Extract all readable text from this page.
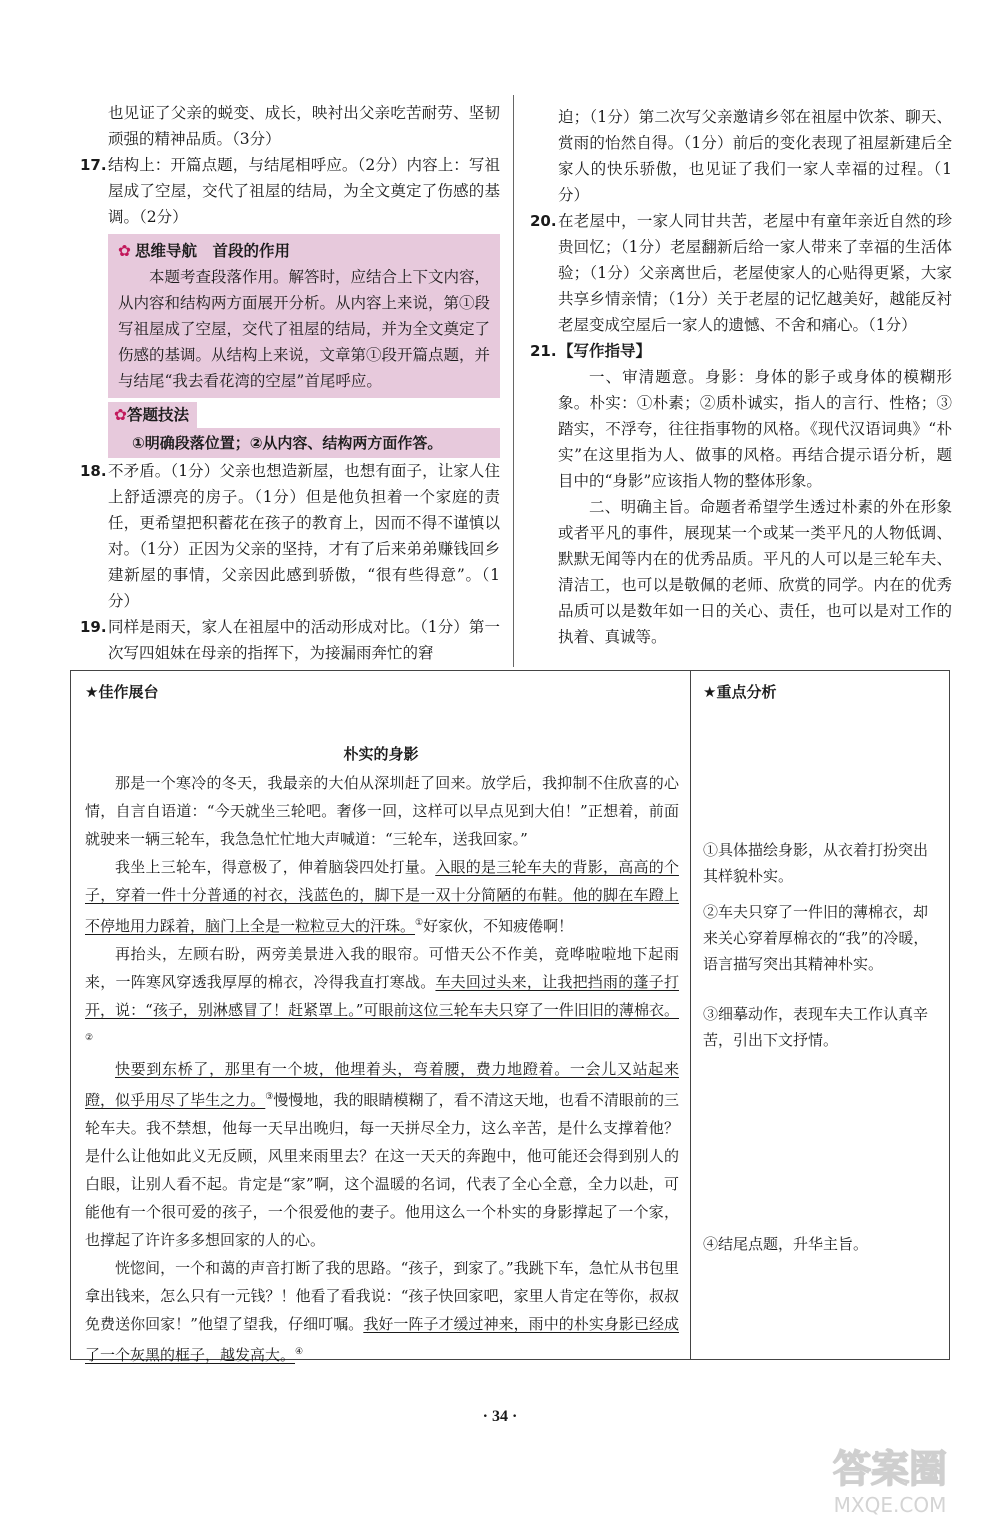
也见证了父亲的蜕变、成长，映衬出父亲吃苦耐劳、坚韧顽强的精神品质。（3分）

17. 结构上：开篇点题，与结尾相呼应。（2分）内容上：写祖屋成了空屋，交代了祖屋的结局，为全文奠定了伤感的基调。（2分）
✿ 思维导航　首段的作用

本题考查段落作用。解答时，应结合上下文内容，从内容和结构两方面展开分析。从内容上来说，第①段写祖屋成了空屋，交代了祖屋的结局，并为全文奠定了伤感的基调。从结构上来说，文章第①段开篇点题，并与结尾“我去看花湾的空屋”首尾呼应。

✿答题技法
①明确段落位置；②从内容、结构两方面作答。
18. 不矛盾。（1分）父亲也想造新屋，也想有面子，让家人住上舒适漂亮的房子。（1分）但是他负担着一个家庭的责任，更希望把积蓄花在孩子的教育上，因而不得不谨慎以对。（1分）正因为父亲的坚持，才有了后来弟弟赚钱回乡建新屋的事情，父亲因此感到骄傲，“很有些得意”。（1分）
19. 同样是雨天，家人在祖屋中的活动形成对比。（1分）第一次写四姐妹在母亲的指挥下，为接漏雨奔忙的窘

迫；（1分）第二次写父亲邀请乡邻在祖屋中饮茶、聊天、赏雨的怡然自得。（1分）前后的变化表现了祖屋新建后全家人的快乐骄傲，也见证了我们一家人幸福的过程。（1分）

20. 在老屋中，一家人同甘共苦，老屋中有童年亲近自然的珍贵回忆；（1分）老屋翻新后给一家人带来了幸福的生活体验；（1分）父亲离世后，老屋使家人的心贴得更紧，大家共享乡情亲情；（1分）关于老屋的记忆越美好，越能反衬老屋变成空屋后一家人的遗憾、不舍和痛心。（1分）
21. 【写作指导】

一、审清题意。身影：身体的影子或身体的模糊形象。朴实：①朴素；②质朴诚实，指人的言行、性格；③踏实，不浮夸，往往指事物的风格。《现代汉语词典》“朴实”在这里指为人、做事的风格。再结合提示语分析，题目中的“身影”应该指人物的整体形象。

二、明确主旨。命题者希望学生透过朴素的外在形象或者平凡的事件，展现某一个或某一类平凡的人物低调、默默无闻等内在的优秀品质。平凡的人可以是三轮车夫、清洁工，也可以是敬佩的老师、欣赏的同学。内在的优秀品质可以是数年如一日的关心、责任，也可以是对工作的执着、真诚等。

★佳作展台
朴实的身影

那是一个寒冷的冬天，我最亲的大伯从深圳赶了回来。放学后，我抑制不住欣喜的心情，自言自语道：“今天就坐三轮吧。奢侈一回，这样可以早点见到大伯！”正想着，前面就驶来一辆三轮车，我急急忙忙地大声喊道：“三轮车，送我回家。”

我坐上三轮车，得意极了，伸着脑袋四处打量。入眼的是三轮车夫的背影，高高的个子，穿着一件十分普通的衬衣，浅蓝色的，脚下是一双十分简陋的布鞋。他的脚在车蹬上不停地用力踩着，脑门上全是一粒粒豆大的汗珠。①好家伙，不知疲倦啊！

再抬头，左顾右盼，两旁美景进入我的眼帘。可惜天公不作美，竟哗啦啦地下起雨来，一阵寒风穿透我厚厚的棉衣，冷得我直打寒战。车夫回过头来，让我把挡雨的蓬子打开，说：“孩子，别淋感冒了！赶紧罩上。”可眼前这位三轮车夫只穿了一件旧旧的薄棉衣。②

快要到东桥了，那里有一个坡，他埋着头，弯着腰，费力地蹬着。一会儿又站起来蹬，似乎用尽了毕生之力。③慢慢地，我的眼睛模糊了，看不清这天地，也看不清眼前的三轮车夫。我不禁想，他每一天早出晚归，每一天拼尽全力，这么辛苦，是什么支撑着他？是什么让他如此义无反顾，风里来雨里去？在这一天天的奔跑中，他可能还会得到别人的白眼，让别人看不起。肯定是“家”啊，这个温暖的名词，代表了全心全意，全力以赴，可能他有一个很可爱的孩子，一个很爱他的妻子。他用这么一个朴实的身影撑起了一个家，也撑起了许许多多想回家的人的心。

恍惚间，一个和蔼的声音打断了我的思路。“孩子，到家了。”我跳下车，急忙从书包里拿出钱来，怎么只有一元钱？！他看了看我说：“孩子快回家吧，家里人肯定在等你，叔叔免费送你回家！”他望了望我，仔细叮嘱。我好一阵子才缓过神来，雨中的朴实身影已经成了一个灰黑的框子，越发高大。④

★重点分析
①具体描绘身影，从衣着打扮突出其样貌朴实。
②车夫只穿了一件旧的薄棉衣，却来关心穿着厚棉衣的“我”的冷暖，语言描写突出其精神朴实。
③细摹动作，表现车夫工作认真辛苦，引出下文抒情。
④结尾点题，升华主旨。
· 34 ·
答案圈
MXQE.COM
